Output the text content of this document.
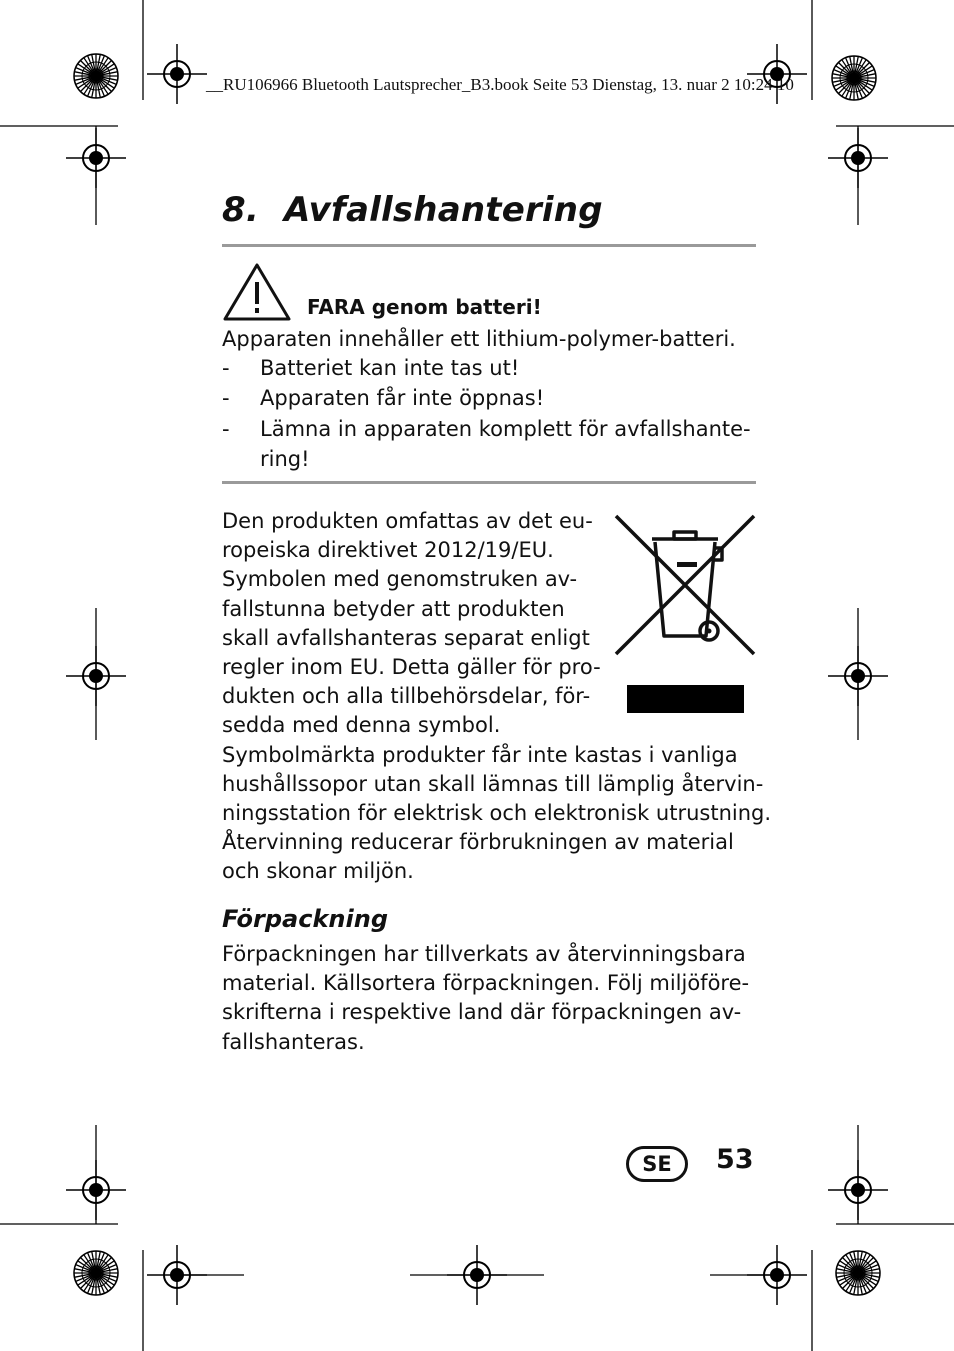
__RU106966 Bluetooth Lautsprecher_B3.book Seite 53 Dienstag, 13. nuar 2 10:24 10
8. Avfallshantering
FARA genom batteri!
Apparaten innehåller ett lithium-polymer-batteri.
- Batteriet kan inte tas ut!
- Apparaten får inte öppnas!
- Lämna in apparaten komplett för avfallshante-
ring!
Den produkten omfattas av det eu-
ropeiska direktivet 2012/19/EU.
Symbolen med genomstruken av-
fallstunna betyder att produkten
skall avfallshanteras separat enligt
regler inom EU. Detta gäller för pro-
dukten och alla tillbehörsdelar, för-
sedda med denna symbol.
Symbolmärkta produkter får inte kastas i vanliga
hushållssopor utan skall lämnas till lämplig återvin-
ningsstation för elektrisk och elektronisk utrustning.
Återvinning reducerar förbrukningen av material
och skonar miljön.
Förpackning
Förpackningen har tillverkats av återvinningsbara
material. Källsortera förpackningen. Följ miljöföre-
skrifterna i respektive land där förpackningen av-
fallshanteras.
SE	53
